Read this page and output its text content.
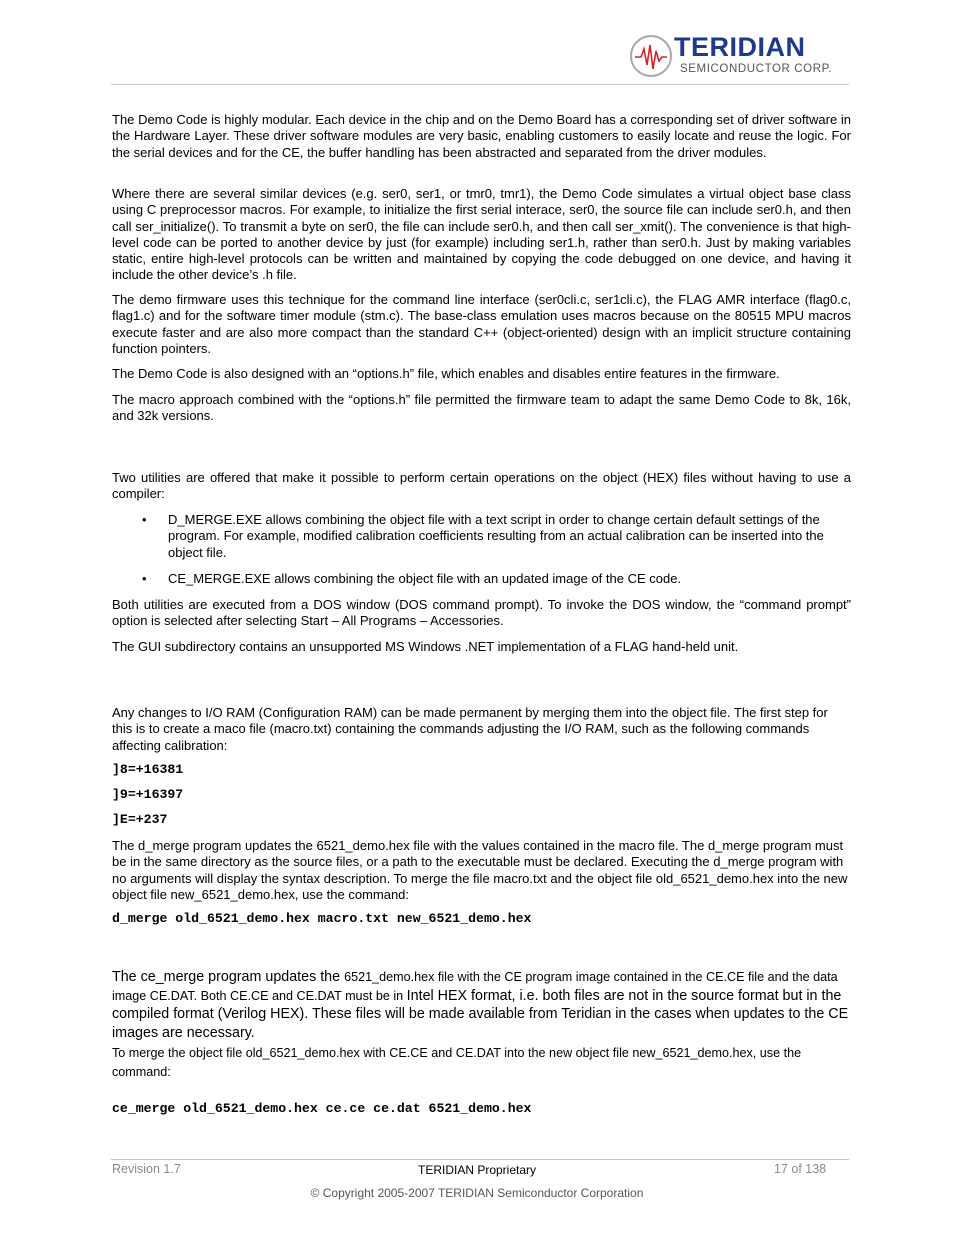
TERIDIAN
SEMICONDUCTOR CORP.

The Demo Code is highly modular. Each device in the chip and on the Demo Board has a corresponding set of driver software in the Hardware Layer. These driver software modules are very basic, enabling customers to easily locate and reuse the logic. For the serial devices and for the CE, the buffer handling has been abstracted and separated from the driver modules.

Where there are several similar devices (e.g. ser0, ser1, or tmr0, tmr1), the Demo Code simulates a virtual object base class using C preprocessor macros. For example, to initialize the first serial interace, ser0, the source file can include ser0.h, and then call ser_initialize(). To transmit a byte on ser0, the file can include ser0.h, and then call ser_xmit(). The convenience is that high-level code can be ported to another device by just (for example) including ser1.h, rather than ser0.h. Just by making variables static, entire high-level protocols can be written and maintained by copying the code debugged on one device, and having it include the other device’s .h file.

The demo firmware uses this technique for the command line interface (ser0cli.c, ser1cli.c), the FLAG AMR interface (flag0.c, flag1.c) and for the software timer module (stm.c). The base-class emulation uses macros because on the 80515 MPU macros execute faster and are also more compact than the standard C++ (object-oriented) design with an implicit structure containing function pointers.

The Demo Code is also designed with an “options.h” file, which enables and disables entire features in the firmware.

The macro approach combined with the “options.h” file permitted the firmware team to adapt the same Demo Code to 8k, 16k, and 32k versions.

Two utilities are offered that make it possible to perform certain operations on the object (HEX) files without having to use a compiler:

• D_MERGE.EXE allows combining the object file with a text script in order to change certain default settings of the program. For example, modified calibration coefficients resulting from an actual calibration can be inserted into the object file.

• CE_MERGE.EXE allows combining the object file with an updated image of the CE code.

Both utilities are executed from a DOS window (DOS command prompt). To invoke the DOS window, the “command prompt” option is selected after selecting Start – All Programs – Accessories.

The GUI subdirectory contains an unsupported MS Windows .NET implementation of a FLAG hand-held unit.

Any changes to I/O RAM (Configuration RAM) can be made permanent by merging them into the object file. The first step for this is to create a maco file (macro.txt) containing the commands adjusting the I/O RAM, such as the following commands affecting calibration:

]8=+16381
]9=+16397
]E=+237

The d_merge program updates the 6521_demo.hex file with the values contained in the macro file. The d_merge program must be in the same directory as the source files, or a path to the executable must be declared. Executing the d_merge program with no arguments will display the syntax description. To merge the file macro.txt and the object file old_6521_demo.hex into the new object file new_6521_demo.hex, use the command:

d_merge old_6521_demo.hex macro.txt new_6521_demo.hex

The ce_merge program updates the 6521_demo.hex file with the CE program image contained in the CE.CE file and the data image CE.DAT. Both CE.CE and CE.DAT must be in Intel HEX format, i.e. both files are not in the source format but in the compiled format (Verilog HEX). These files will be made available from Teridian in the cases when updates to the CE images are necessary.

To merge the object file old_6521_demo.hex with CE.CE and CE.DAT into the new object file new_6521_demo.hex, use the command:

ce_merge old_6521_demo.hex ce.ce ce.dat 6521_demo.hex
Revision 1.7	TERIDIAN Proprietary	17 of 138
© Copyright 2005-2007 TERIDIAN Semiconductor Corporation
